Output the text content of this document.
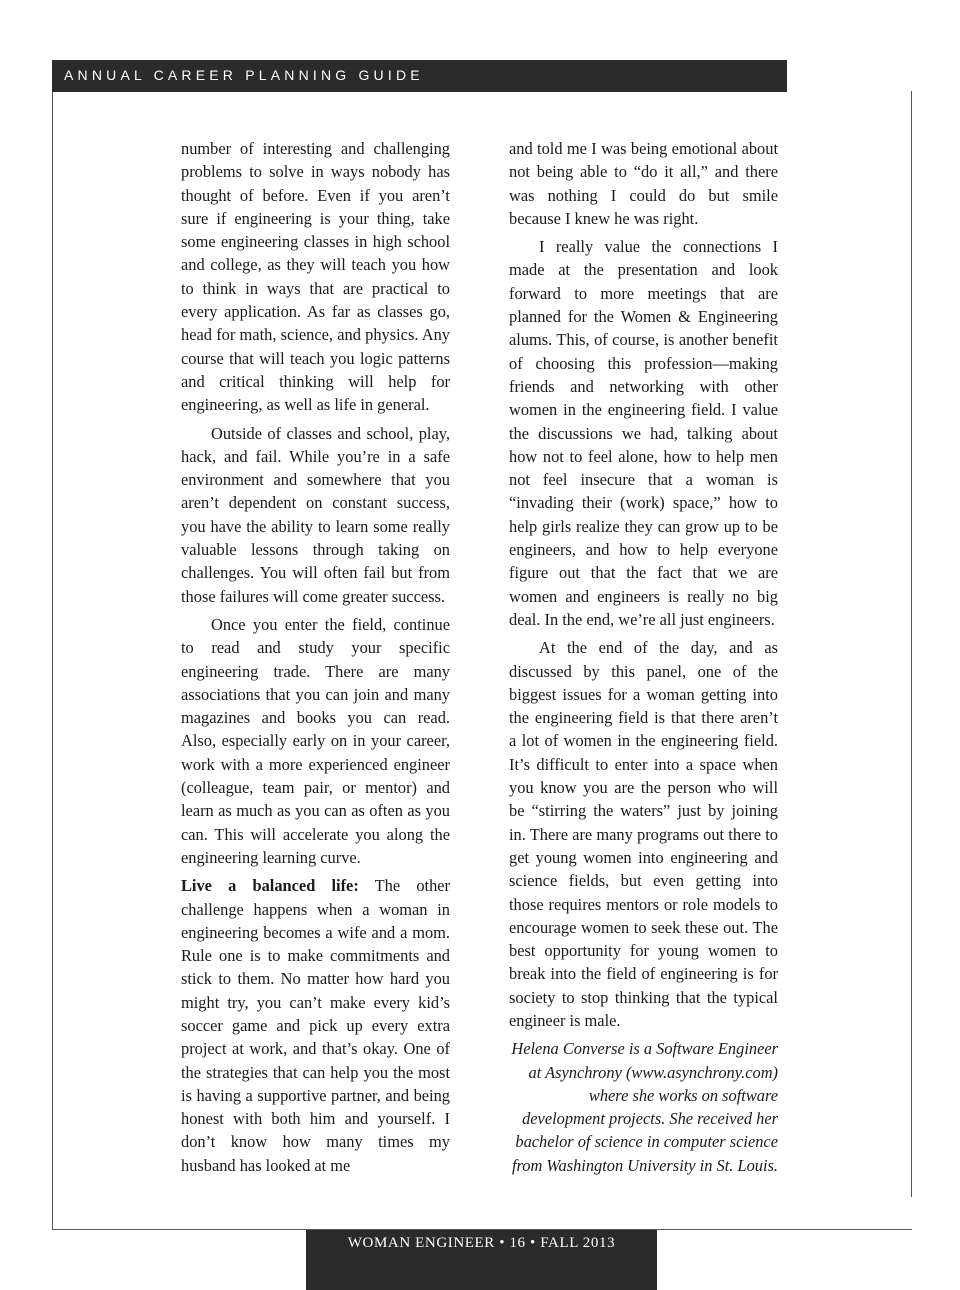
ANNUAL CAREER PLANNING GUIDE

number of interesting and challenging problems to solve in ways nobody has thought of before. Even if you aren’t sure if engineering is your thing, take some engineering classes in high school and college, as they will teach you how to think in ways that are practical to every application. As far as classes go, head for math, science, and physics. Any course that will teach you logic patterns and critical thinking will help for engineering, as well as life in general.

Outside of classes and school, play, hack, and fail. While you’re in a safe environment and somewhere that you aren’t dependent on constant success, you have the ability to learn some really valuable lessons through taking on challenges. You will often fail but from those failures will come greater success.

Once you enter the field, continue to read and study your specific engineering trade. There are many associations that you can join and many magazines and books you can read. Also, especially early on in your career, work with a more experienced engineer (colleague, team pair, or mentor) and learn as much as you can as often as you can. This will accelerate you along the engineering learning curve.

Live a balanced life: The other challenge happens when a woman in engineering becomes a wife and a mom. Rule one is to make commitments and stick to them. No matter how hard you might try, you can’t make every kid’s soccer game and pick up every extra project at work, and that’s okay. One of the strategies that can help you the most is having a supportive partner, and being honest with both him and yourself. I don’t know how many times my husband has looked at me

and told me I was being emotional about not being able to “do it all,” and there was nothing I could do but smile because I knew he was right.

I really value the connections I made at the presentation and look forward to more meetings that are planned for the Women & Engineering alums. This, of course, is another benefit of choosing this profession—making friends and networking with other women in the engineering field. I value the discussions we had, talking about how not to feel alone, how to help men not feel insecure that a woman is “invading their (work) space,” how to help girls realize they can grow up to be engineers, and how to help everyone figure out that the fact that we are women and engineers is really no big deal. In the end, we’re all just engineers.

At the end of the day, and as discussed by this panel, one of the biggest issues for a woman getting into the engineering field is that there aren’t a lot of women in the engineering field. It’s difficult to enter into a space when you know you are the person who will be “stirring the waters” just by joining in. There are many programs out there to get young women into engineering and science fields, but even getting into those requires mentors or role models to encourage women to seek these out. The best opportunity for young women to break into the field of engineering is for society to stop thinking that the typical engineer is male.

Helena Converse is a Software Engineer at Asynchrony (www.asynchrony.com) where she works on software development projects. She received her bachelor of science in computer science from Washington University in St. Louis.

WOMAN ENGINEER • 16 • FALL 2013
